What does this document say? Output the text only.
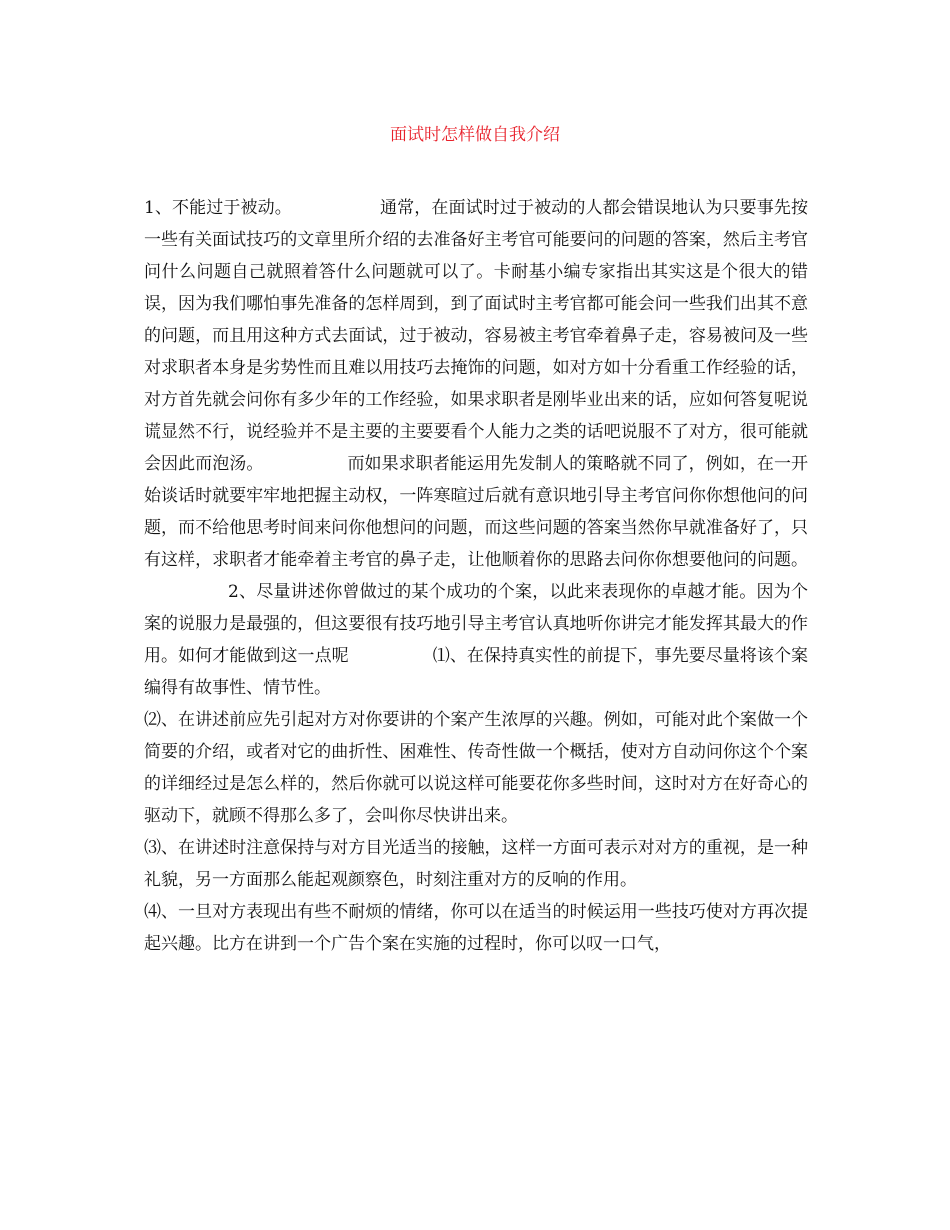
面试时怎样做自我介绍

1、不能过于被动。	通常，在面试时过于被动的人都会错误地认为只要事先按一些有关面试技巧的文章里所介绍的去准备好主考官可能要问的问题的答案，然后主考官问什么问题自己就照着答什么问题就可以了。卡耐基小编专家指出其实这是个很大的错误，因为我们哪怕事先准备的怎样周到，到了面试时主考官都可能会问一些我们出其不意的问题，而且用这种方式去面试，过于被动，容易被主考官牵着鼻子走，容易被问及一些对求职者本身是劣势性而且难以用技巧去掩饰的问题，如对方如十分看重工作经验的话，对方首先就会问你有多少年的工作经验，如果求职者是刚毕业出来的话，应如何答复呢说谎显然不行，说经验并不是主要的主要要看个人能力之类的话吧说服不了对方，很可能就会因此而泡汤。	而如果求职者能运用先发制人的策略就不同了，例如，在一开始谈话时就要牢牢地把握主动权，一阵寒暄过后就有意识地引导主考官问你你想他问的问题，而不给他思考时间来问你他想问的问题，而这些问题的答案当然你早就准备好了，只有这样，求职者才能牵着主考官的鼻子走，让他顺着你的思路去问你你想要他问的问题。2、尽量讲述你曾做过的某个成功的个案，以此来表现你的卓越才能。因为个案的说服力是最强的，但这要很有技巧地引导主考官认真地听你讲完才能发挥其最大的作用。如何才能做到这一点呢	⑴、在保持真实性的前提下，事先要尽量将该个案编得有故事性、情节性。

⑵、在讲述前应先引起对方对你要讲的个案产生浓厚的兴趣。例如，可能对此个案做一个简要的介绍，或者对它的曲折性、困难性、传奇性做一个概括，使对方自动问你这个个案的详细经过是怎么样的，然后你就可以说这样可能要花你多些时间，这时对方在好奇心的驱动下，就顾不得那么多了，会叫你尽快讲出来。

⑶、在讲述时注意保持与对方目光适当的接触，这样一方面可表示对对方的重视，是一种礼貌，另一方面那么能起观颜察色，时刻注重对方的反响的作用。

⑷、一旦对方表现出有些不耐烦的情绪，你可以在适当的时候运用一些技巧使对方再次提起兴趣。比方在讲到一个广告个案在实施的过程时，你可以叹一口气，
